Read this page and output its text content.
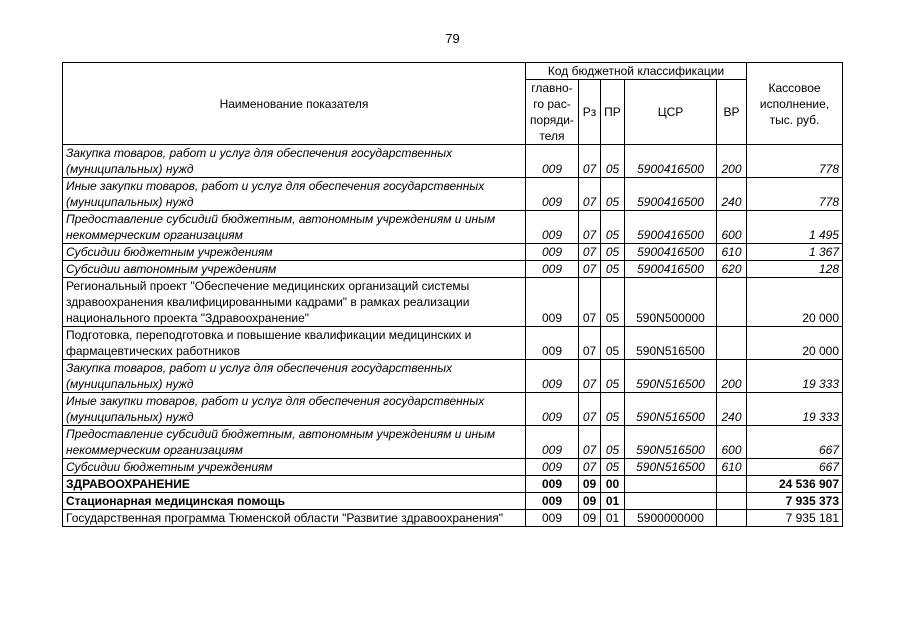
79
Наименование показателя	Код бюджетной классификации					Кассовое исполнение, тыс. руб.
	главно-го рас-поряди-теля	Рз	ПР	ЦСР	ВР	
Закупка товаров, работ и услуг для обеспечения государственных (муниципальных) нужд	009	07	05	5900416500	200	778
Иные закупки товаров, работ и услуг для обеспечения государственных (муниципальных) нужд	009	07	05	5900416500	240	778
Предоставление субсидий бюджетным, автономным учреждениям и иным некоммерческим организациям	009	07	05	5900416500	600	1 495
Субсидии бюджетным учреждениям	009	07	05	5900416500	610	1 367
Субсидии автономным учреждениям	009	07	05	5900416500	620	128
Региональный проект "Обеспечение медицинских организаций системы здравоохранения квалифицированными кадрами" в рамках реализации национального проекта "Здравоохранение"	009	07	05	590N500000		20 000
Подготовка, переподготовка и повышение квалификации медицинских и фармацевтических работников	009	07	05	590N516500		20 000
Закупка товаров, работ и услуг для обеспечения государственных (муниципальных) нужд	009	07	05	590N516500	200	19 333
Иные закупки товаров, работ и услуг для обеспечения государственных (муниципальных) нужд	009	07	05	590N516500	240	19 333
Предоставление субсидий бюджетным, автономным учреждениям и иным некоммерческим организациям	009	07	05	590N516500	600	667
Субсидии бюджетным учреждениям	009	07	05	590N516500	610	667
ЗДРАВООХРАНЕНИЕ	009	09	00			24 536 907
Стационарная медицинская помощь	009	09	01			7 935 373
Государственная программа Тюменской области "Развитие здравоохранения"	009	09	01	5900000000		7 935 181
